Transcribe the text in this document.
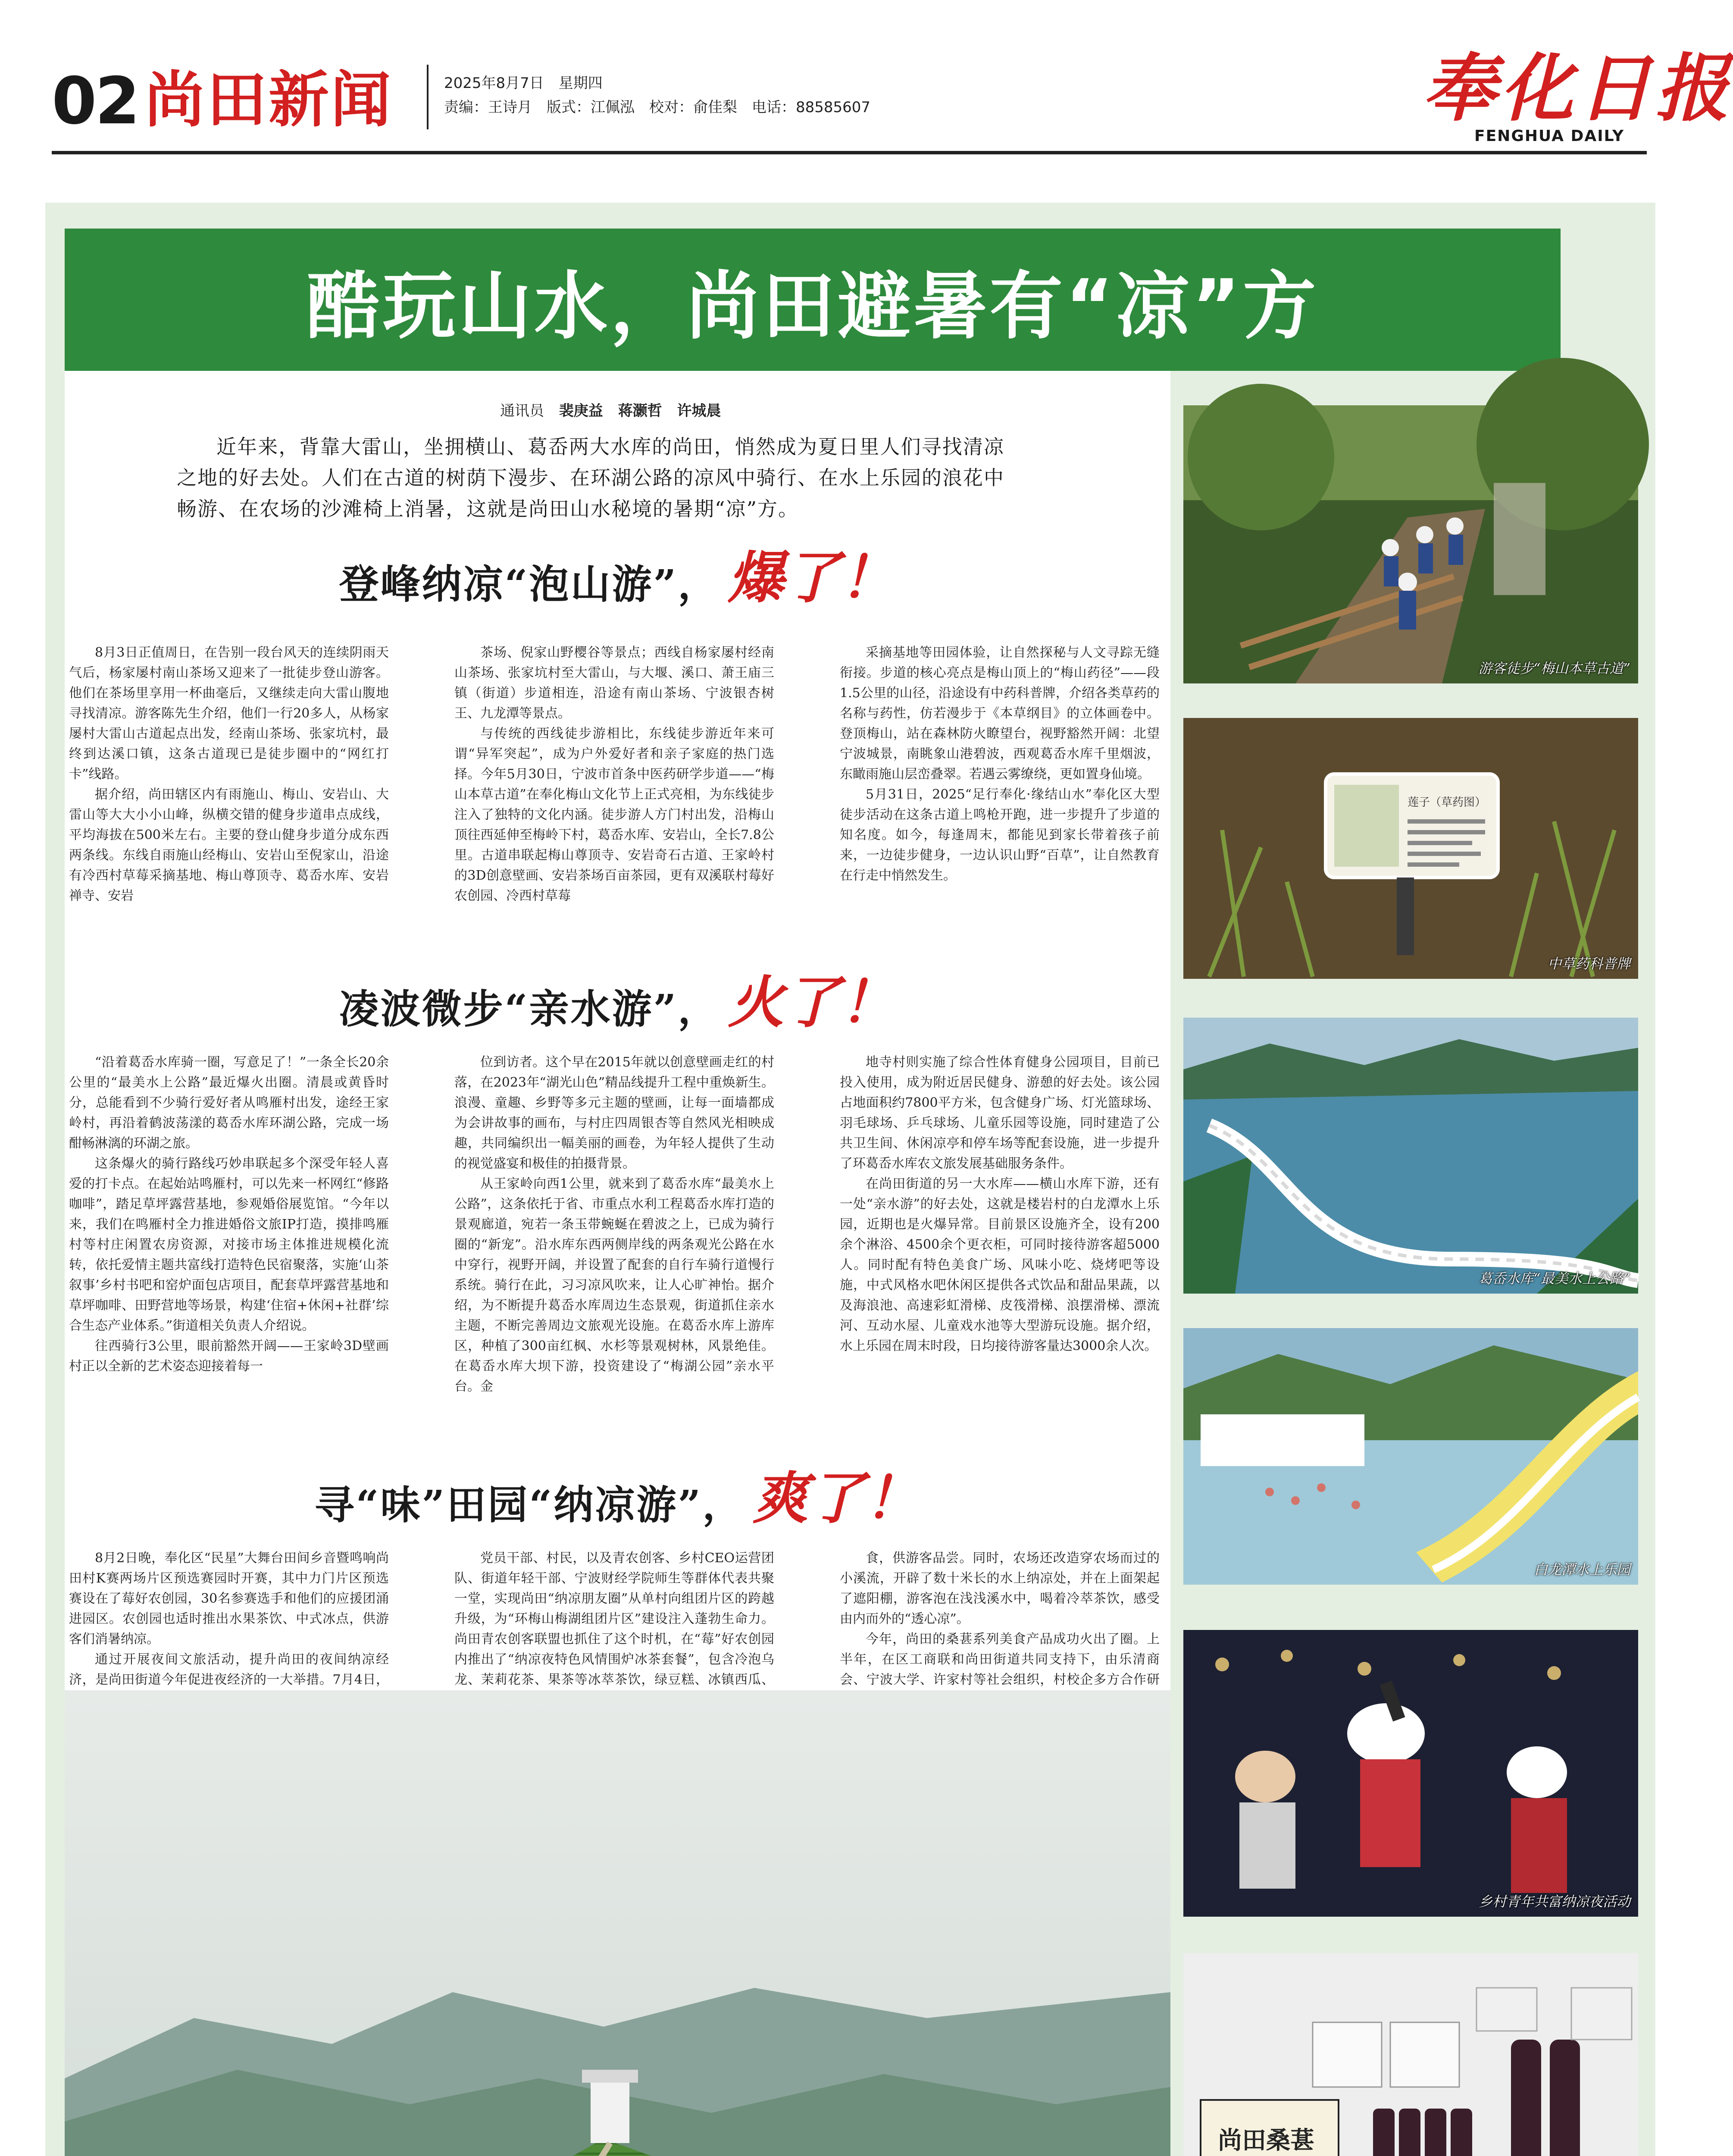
02 尚田新闻	2025年8月7日　星期四
责编：王诗月　版式：江佩泓　校对：俞佳梨　电话：88585607	奉化日报
FENGHUA DAILY
酷玩山水，尚田避暑有“凉”方
通讯员 裴庚益 蒋灏哲 许城晨
近年来，背靠大雷山，坐拥横山、葛岙两大水库的尚田，悄然成为夏日里人们寻找清凉之地的好去处。人们在古道的树荫下漫步、在环湖公路的凉风中骑行、在水上乐园的浪花中畅游、在农场的沙滩椅上消暑，这就是尚田山水秘境的暑期“凉”方。
登峰纳凉“泡山游”， 爆了！

8月3日正值周日，在告别一段台风天的连续阴雨天气后，杨家屡村南山茶场又迎来了一批徒步登山游客。他们在茶场里享用一杯曲毫后，又继续走向大雷山腹地寻找清凉。游客陈先生介绍，他们一行20多人，从杨家屡村大雷山古道起点出发，经南山茶场、张家坑村，最终到达溪口镇，这条古道现已是徒步圈中的“网红打卡”线路。

据介绍，尚田辖区内有雨施山、梅山、安岩山、大雷山等大大小小山峰，纵横交错的健身步道串点成线，平均海拔在500米左右。主要的登山健身步道分成东西两条线。东线自雨施山经梅山、安岩山至倪家山，沿途有冷西村草莓采摘基地、梅山尊顶寺、葛岙水库、安岩禅寺、安岩

茶场、倪家山野樱谷等景点；西线自杨家屡村经南山茶场、张家坑村至大雷山，与大堰、溪口、萧王庙三镇（街道）步道相连，沿途有南山茶场、宁波银杏树王、九龙潭等景点。

与传统的西线徒步游相比，东线徒步游近年来可谓“异军突起”，成为户外爱好者和亲子家庭的热门选择。今年5月30日，宁波市首条中医药研学步道——“梅山本草古道”在奉化梅山文化节上正式亮相，为东线徒步注入了独特的文化内涵。徒步游人方门村出发，沿梅山顶往西延伸至梅岭下村，葛岙水库、安岩山，全长7.8公里。古道串联起梅山尊顶寺、安岩奇石古道、王家岭村的3D创意壁画、安岩茶场百亩茶园，更有双溪联村莓好农创园、冷西村草莓

采摘基地等田园体验，让自然探秘与人文寻踪无缝衔接。步道的核心亮点是梅山顶上的“梅山药径”——段1.5公里的山径，沿途设有中药科普牌，介绍各类草药的名称与药性，仿若漫步于《本草纲目》的立体画卷中。登顶梅山，站在森林防火瞭望台，视野豁然开阔：北望宁波城景，南眺象山港碧波，西观葛岙水库千里烟波，东瞰雨施山层峦叠翠。若遇云雾缭绕，更如置身仙境。

5月31日，2025“足行奉化·缘结山水”奉化区大型徒步活动在这条古道上鸣枪开跑，进一步提升了步道的知名度。如今，每逢周末，都能见到家长带着孩子前来，一边徒步健身，一边认识山野“百草”，让自然教育在行走中悄然发生。

凌波微步“亲水游”， 火了！

“沿着葛岙水库骑一圈，写意足了！”一条全长20余公里的“最美水上公路”最近爆火出圈。清晨或黄昏时分，总能看到不少骑行爱好者从鸣雁村出发，途经王家岭村，再沿着鹤波荡漾的葛岙水库环湖公路，完成一场酣畅淋漓的环湖之旅。

这条爆火的骑行路线巧妙串联起多个深受年轻人喜爱的打卡点。在起始站鸣雁村，可以先来一杯网红“修路咖啡”，踏足草坪露营基地，参观婚俗展览馆。“今年以来，我们在鸣雁村全力推进婚俗文旅IP打造，摸排鸣雁村等村庄闲置农房资源，对接市场主体推进规模化流转，依托爱情主题共富线打造特色民宿聚落，实施‘山茶叙事’乡村书吧和窑炉面包店项目，配套草坪露营基地和草坪咖啡、田野营地等场景，构建‘住宿+休闲+社群’综合生态产业体系。”街道相关负责人介绍说。

往西骑行3公里，眼前豁然开阔——王家岭3D壁画村正以全新的艺术姿态迎接着每一

位到访者。这个早在2015年就以创意壁画走红的村落，在2023年“湖光山色”精品线提升工程中重焕新生。浪漫、童趣、乡野等多元主题的壁画，让每一面墙都成为会讲故事的画布，与村庄四周银杏等自然风光相映成趣，共同编织出一幅美丽的画卷，为年轻人提供了生动的视觉盛宴和极佳的拍摄背景。

从王家岭向西1公里，就来到了葛岙水库“最美水上公路”，这条依托于省、市重点水利工程葛岙水库打造的景观廊道，宛若一条玉带蜿蜒在碧波之上，已成为骑行圈的“新宠”。沿水库东西两侧岸线的两条观光公路在水中穿行，视野开阔，并设置了配套的自行车骑行道慢行系统。骑行在此，习习凉风吹来，让人心旷神怡。据介绍，为不断提升葛岙水库周边生态景观，街道抓住亲水主题，不断完善周边文旅观光设施。在葛岙水库上游库区，种植了300亩红枫、水杉等景观树林，风景绝佳。在葛岙水库大坝下游，投资建设了“梅湖公园”亲水平台。金

地寺村则实施了综合性体育健身公园项目，目前已投入使用，成为附近居民健身、游憩的好去处。该公园占地面积约7800平方米，包含健身广场、灯光篮球场、羽毛球场、乒乓球场、儿童乐园等设施，同时建造了公共卫生间、休闲凉亭和停车场等配套设施，进一步提升了环葛岙水库农文旅发展基础服务条件。

在尚田街道的另一大水库——横山水库下游，还有一处“亲水游”的好去处，这就是楼岩村的白龙潭水上乐园，近期也是火爆异常。目前景区设施齐全，设有200余个淋浴、4500余个更衣柜，可同时接待游客超5000人。同时配有特色美食广场、风味小吃、烧烤吧等设施，中式风格水吧休闲区提供各式饮品和甜品果蔬，以及海浪池、高速彩虹滑梯、皮筏滑梯、浪摆滑梯、漂流河、互动水屋、儿童戏水池等大型游玩设施。据介绍，水上乐园在周末时段，日均接待游客量达3000余人次。

寻“味”田园“纳凉游”， 爽了！

8月2日晚，奉化区“民星”大舞台田间乡音暨鸣响尚田村K赛两场片区预选赛园时开赛，其中力门片区预选赛设在了莓好农创园，30名参赛选手和他们的应援团涌进园区。农创园也适时推出水果茶饮、中式冰点，供游客们消暑纳凉。

通过开展夜间文旅活动，提升尚田的夜间纳凉经济，是尚田街道今年促进夜经济的一大举措。7月4日，

党员干部、村民，以及青农创客、乡村CEO运营团队、街道年轻干部、宁波财经学院师生等群体代表共聚一堂，实现尚田“纳凉朋友圈”从单村向组团片区的跨越升级，为“环梅山梅湖组团片区”建设注入蓬勃生命力。尚田青农创客联盟也抓住了这个时机，在“莓”好农创园内推出了“纳凉夜特色风情围炉冰茶套餐”，包含冷泡乌龙、茉莉花茶、果茶等冰萃茶饮，绿豆糕、冰镇西瓜、

食，供游客品尝。同时，农场还改造穿农场而过的小溪流，开辟了数十米长的水上纳凉处，并在上面架起了遮阳棚，游客泡在浅浅溪水中，喝着冷萃茶饮，感受由内而外的“透心凉”。

今年，尚田的桑葚系列美食产品成功火出了圈。上半年，在区工商联和尚田街道共同支持下，由乐清商会、宁波大学、许家村等社会组织，村校企多方合作研

游客徒步“梅山本草古道”
莲子（草药图）
中草药科普牌
葛岙水库“最美水上公路”
白龙潭水上乐园
乡村青年共富纳凉夜活动
尚田桑葚
